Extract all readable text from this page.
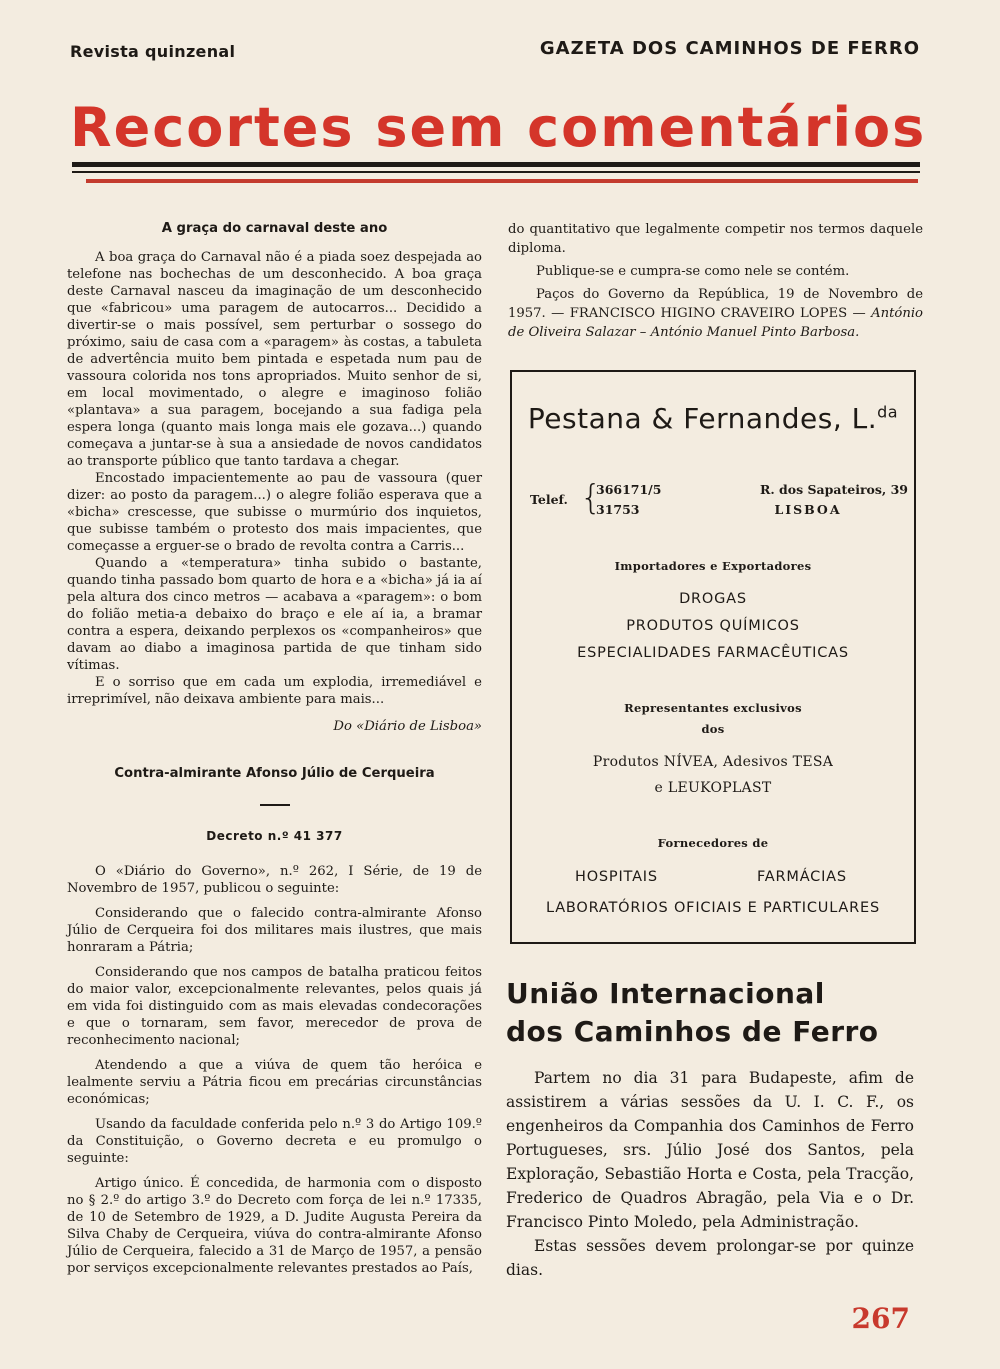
Revista quinzenal	GAZETA DOS CAMINHOS DE FERRO
Recortes sem comentários

A graça do carnaval deste ano

A boa graça do Carnaval não é a piada soez despejada ao telefone nas bochechas de um desconhecido. A boa graça deste Carnaval nasceu da imaginação de um desconhecido que «fabricou» uma paragem de autocarros... Decidido a divertir-se o mais possível, sem perturbar o sossego do próximo, saiu de casa com a «paragem» às costas, a tabuleta de advertência muito bem pintada e espetada num pau de vassoura colorida nos tons apropriados. Muito senhor de si, em local movimentado, o alegre e imaginoso folião «plantava» a sua paragem, bocejando a sua fadiga pela espera longa (quanto mais longa mais ele gozava...) quando começava a juntar-se à sua a ansiedade de novos candidatos ao transporte público que tanto tardava a chegar.

Encostado impacientemente ao pau de vassoura (quer dizer: ao posto da paragem...) o alegre folião esperava que a «bicha» crescesse, que subisse o murmúrio dos inquietos, que subisse também o protesto dos mais impacientes, que começasse a erguer-se o brado de revolta contra a Carris...

Quando a «temperatura» tinha subido o bastante, quando tinha passado bom quarto de hora e a «bicha» já ia aí pela altura dos cinco metros — acabava a «paragem»: o bom do folião metia-a debaixo do braço e ele aí ia, a bramar contra a espera, deixando perplexos os «companheiros» que davam ao diabo a imaginosa partida de que tinham sido vítimas.

E o sorriso que em cada um explodia, irremediável e irreprimível, não deixava ambiente para mais...

Do «Diário de Lisboa»

Contra-almirante Afonso Júlio de Cerqueira

Decreto n.º 41 377

O «Diário do Governo», n.º 262, I Série, de 19 de Novembro de 1957, publicou o seguinte:

Considerando que o falecido contra-almirante Afonso Júlio de Cerqueira foi dos militares mais ilustres, que mais honraram a Pátria;

Considerando que nos campos de batalha praticou feitos do maior valor, excepcionalmente relevantes, pelos quais já em vida foi distinguido com as mais elevadas condecorações e que o tornaram, sem favor, merecedor de prova de reconhecimento nacional;

Atendendo a que a viúva de quem tão heróica e lealmente serviu a Pátria ficou em precárias circunstâncias económicas;

Usando da faculdade conferida pelo n.º 3 do Artigo 109.º da Constituição, o Governo decreta e eu promulgo o seguinte:

Artigo único. É concedida, de harmonia com o disposto no § 2.º do artigo 3.º do Decreto com força de lei n.º 17335, de 10 de Setembro de 1929, a D. Judite Augusta Pereira da Silva Chaby de Cerqueira, viúva do contra-almirante Afonso Júlio de Cerqueira, falecido a 31 de Março de 1957, a pensão por serviços excepcionalmente relevantes prestados ao País,

do quantitativo que legalmente competir nos termos daquele diploma.

Publique-se e cumpra-se como nele se contém.

Paços do Governo da República, 19 de Novembro de 1957. — FRANCISCO HIGINO CRAVEIRO LOPES — António de Oliveira Salazar – António Manuel Pinto Barbosa.

Pestana & Fernandes, L.$^{da}$
Telef. {
366171/5
31753
R. dos Sapateiros, 39
LISBOA
Importadores e Exportadores
DROGAS
PRODUTOS QUÍMICOS
ESPECIALIDADES FARMACÊUTICAS
Representantes exclusivos
dos
Produtos NÍVEA, Adesivos TESA
e LEUKOPLAST
Fornecedores de
HOSPITAIS	FARMÁCIAS
LABORATÓRIOS OFICIAIS E PARTICULARES
União Internacional
dos Caminhos de Ferro

Partem no dia 31 para Budapeste, afim de assistirem a várias sessões da U. I. C. F., os engenheiros da Companhia dos Caminhos de Ferro Portugueses, srs. Júlio José dos Santos, pela Exploração, Sebastião Horta e Costa, pela Tracção, Frederico de Quadros Abragão, pela Via e o Dr. Francisco Pinto Moledo, pela Administração.

Estas sessões devem prolongar-se por quinze dias.

267
